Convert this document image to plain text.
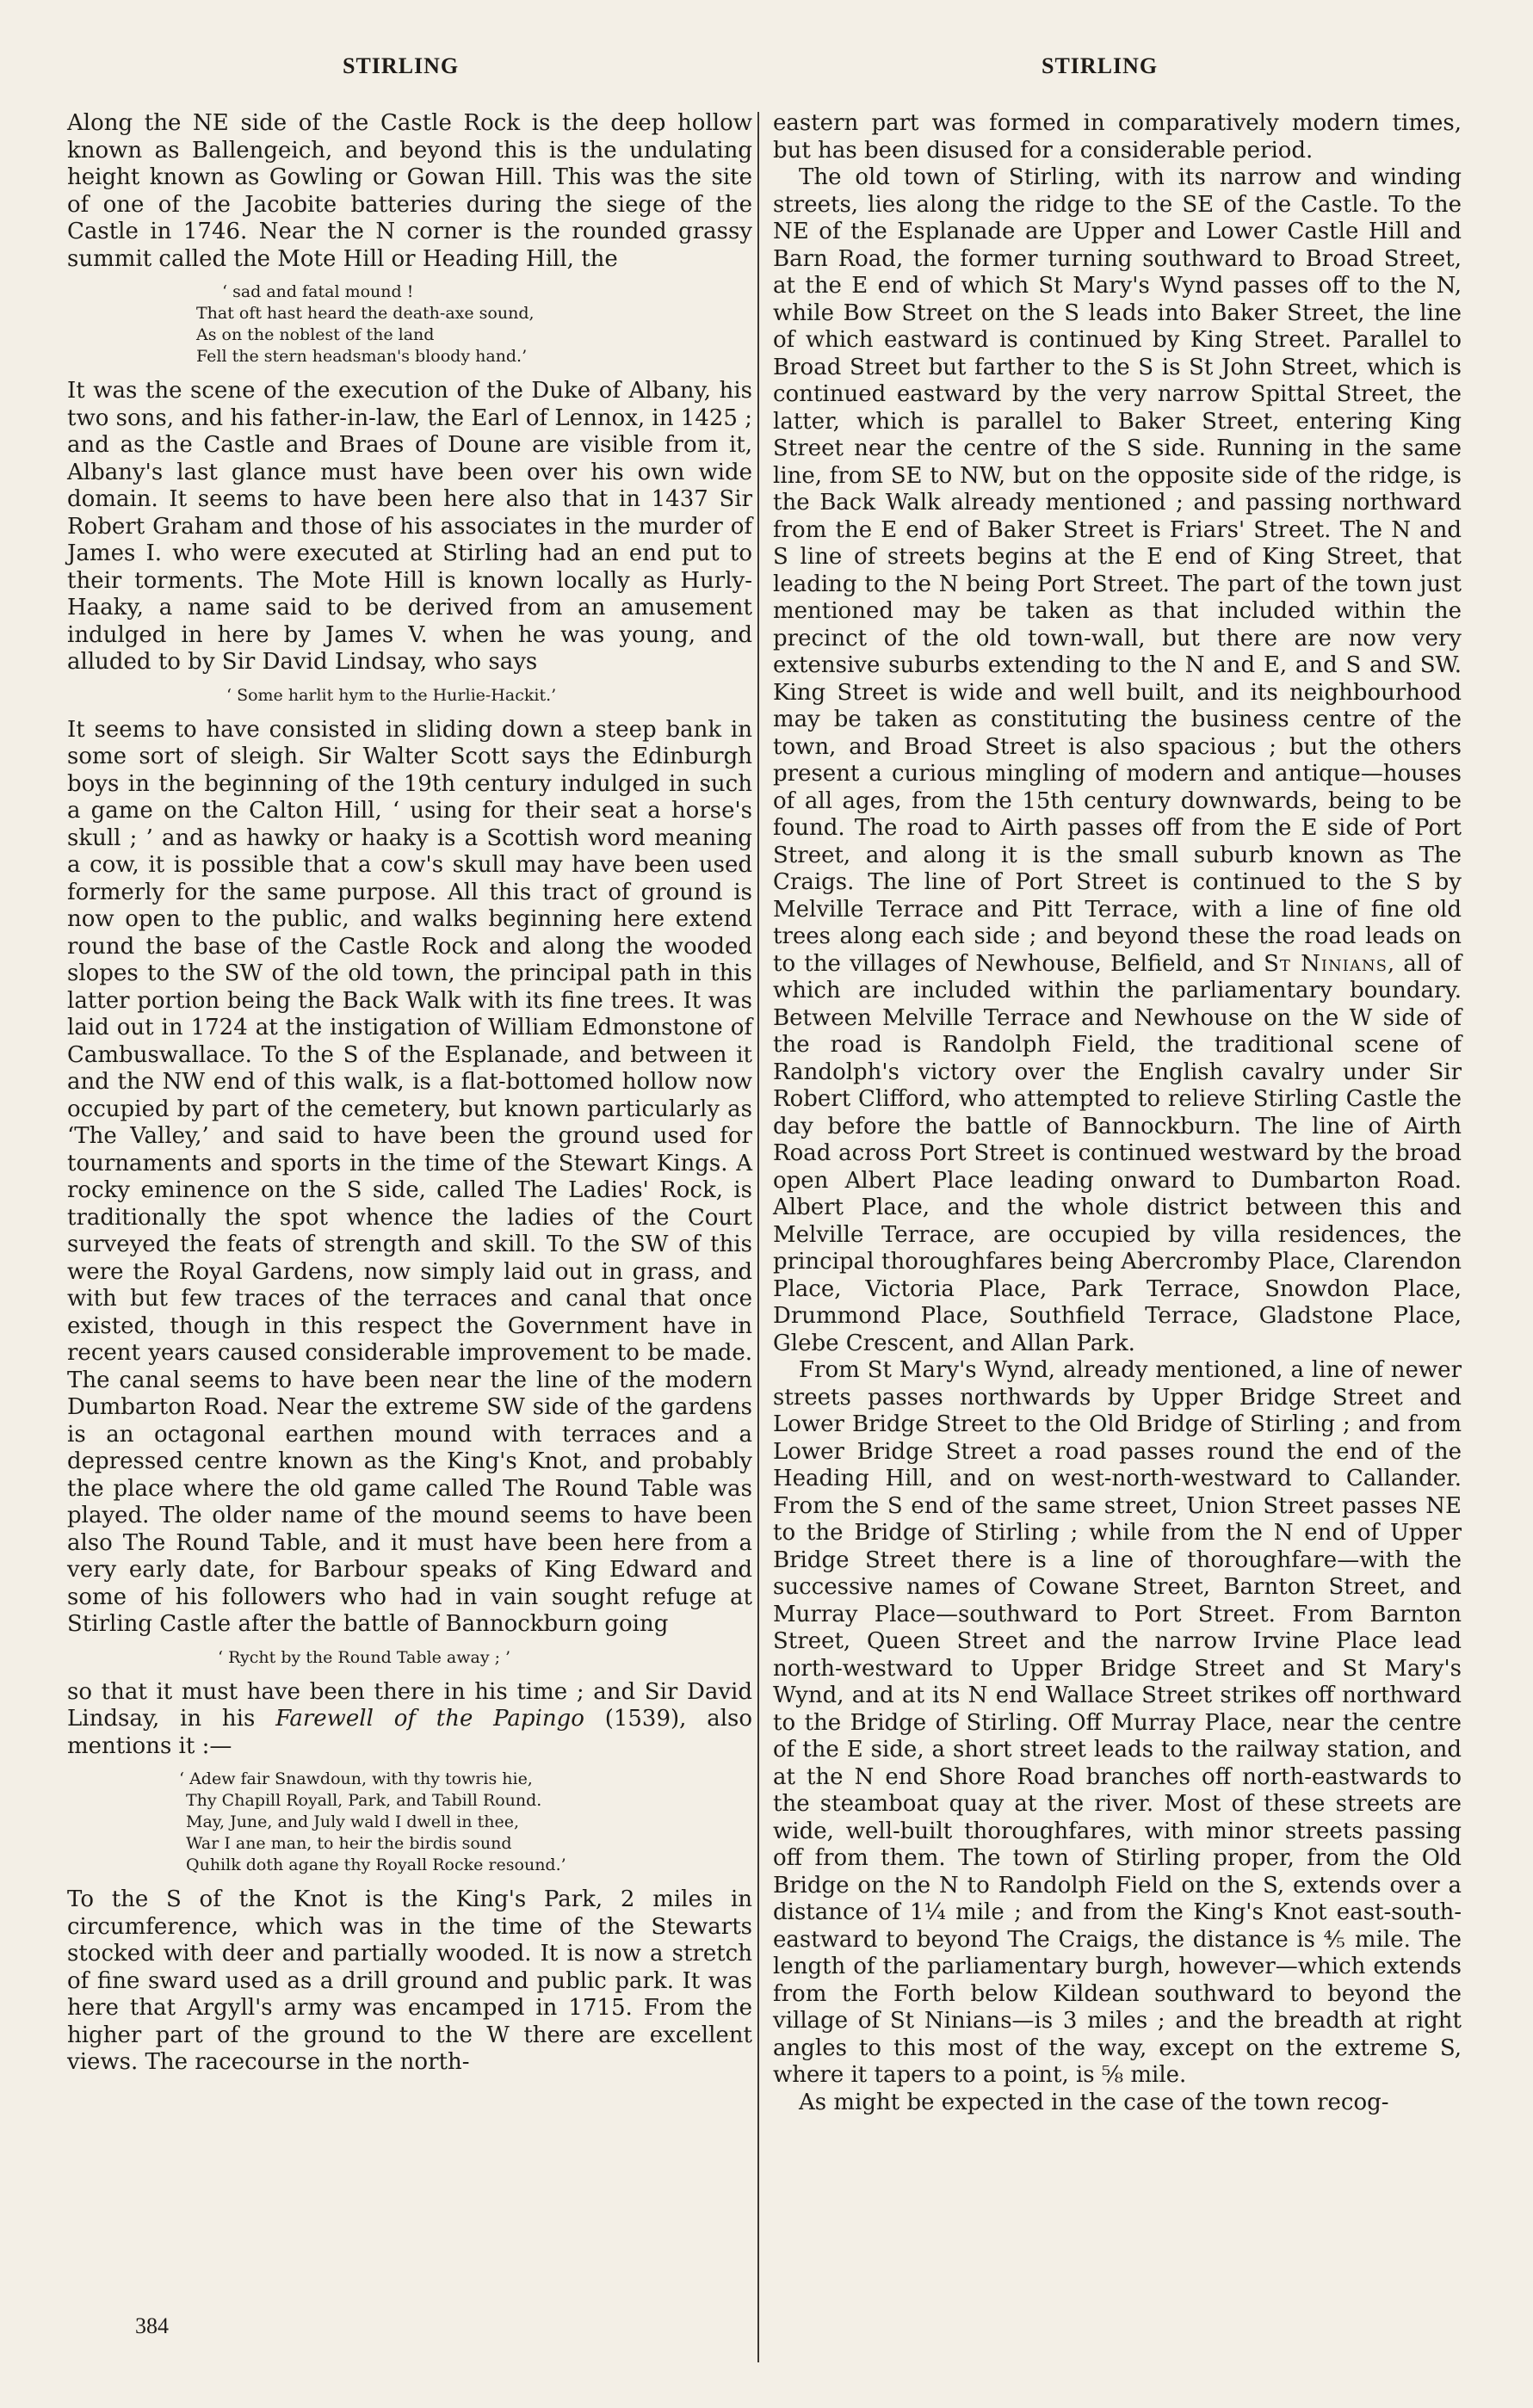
STIRLING	STIRLING

Along the NE side of the Castle Rock is the deep hollow known as Ballengeich, and beyond this is the undulating height known as Gowling or Gowan Hill. This was the site of one of the Jacobite batteries during the siege of the Castle in 1746. Near the N corner is the rounded grassy summit called the Mote Hill or Heading Hill, the

‘ sad and fatal mound !
That oft hast heard the death-axe sound,
As on the noblest of the land
Fell the stern headsman's bloody hand.’

It was the scene of the execution of the Duke of Albany, his two sons, and his father-in-law, the Earl of Lennox, in 1425 ; and as the Castle and Braes of Doune are visible from it, Albany's last glance must have been over his own wide domain. It seems to have been here also that in 1437 Sir Robert Graham and those of his associates in the murder of James I. who were executed at Stirling had an end put to their torments. The Mote Hill is known locally as Hurly-Haaky, a name said to be derived from an amusement indulged in here by James V. when he was young, and alluded to by Sir David Lindsay, who says

‘ Some harlit hym to the Hurlie-Hackit.’

It seems to have consisted in sliding down a steep bank in some sort of sleigh. Sir Walter Scott says the Edinburgh boys in the beginning of the 19th century indulged in such a game on the Calton Hill, ‘ using for their seat a horse's skull ; ’ and as hawky or haaky is a Scottish word meaning a cow, it is possible that a cow's skull may have been used formerly for the same purpose. All this tract of ground is now open to the public, and walks beginning here extend round the base of the Castle Rock and along the wooded slopes to the SW of the old town, the principal path in this latter portion being the Back Walk with its fine trees. It was laid out in 1724 at the instigation of William Edmonstone of Cambuswallace. To the S of the Esplanade, and between it and the NW end of this walk, is a flat-bottomed hollow now occupied by part of the cemetery, but known particularly as ‘The Valley,’ and said to have been the ground used for tournaments and sports in the time of the Stewart Kings. A rocky eminence on the S side, called The Ladies' Rock, is traditionally the spot whence the ladies of the Court surveyed the feats of strength and skill. To the SW of this were the Royal Gardens, now simply laid out in grass, and with but few traces of the terraces and canal that once existed, though in this respect the Government have in recent years caused considerable improvement to be made. The canal seems to have been near the line of the modern Dumbarton Road. Near the extreme SW side of the gardens is an octagonal earthen mound with terraces and a depressed centre known as the King's Knot, and probably the place where the old game called The Round Table was played. The older name of the mound seems to have been also The Round Table, and it must have been here from a very early date, for Barbour speaks of King Edward and some of his followers who had in vain sought refuge at Stirling Castle after the battle of Bannockburn going

‘ Rycht by the Round Table away ; ’

so that it must have been there in his time ; and Sir David Lindsay, in his Farewell of the Papingo (1539), also mentions it :—

‘ Adew fair Snawdoun, with thy towris hie,
Thy Chapill Royall, Park, and Tabill Round.
May, June, and July wald I dwell in thee,
War I ane man, to heir the birdis sound
Quhilk doth agane thy Royall Rocke resound.’

To the S of the Knot is the King's Park, 2 miles in circumference, which was in the time of the Stewarts stocked with deer and partially wooded. It is now a stretch of fine sward used as a drill ground and public park. It was here that Argyll's army was encamped in 1715. From the higher part of the ground to the W there are excellent views. The racecourse in the north-

eastern part was formed in comparatively modern times, but has been disused for a considerable period.

The old town of Stirling, with its narrow and winding streets, lies along the ridge to the SE of the Castle. To the NE of the Esplanade are Upper and Lower Castle Hill and Barn Road, the former turning southward to Broad Street, at the E end of which St Mary's Wynd passes off to the N, while Bow Street on the S leads into Baker Street, the line of which eastward is continued by King Street. Parallel to Broad Street but farther to the S is St John Street, which is continued eastward by the very narrow Spittal Street, the latter, which is parallel to Baker Street, entering King Street near the centre of the S side. Running in the same line, from SE to NW, but on the opposite side of the ridge, is the Back Walk already mentioned ; and passing northward from the E end of Baker Street is Friars' Street. The N and S line of streets begins at the E end of King Street, that leading to the N being Port Street. The part of the town just mentioned may be taken as that included within the precinct of the old town-wall, but there are now very extensive suburbs extending to the N and E, and S and SW. King Street is wide and well built, and its neighbourhood may be taken as constituting the business centre of the town, and Broad Street is also spacious ; but the others present a curious mingling of modern and antique—houses of all ages, from the 15th century downwards, being to be found. The road to Airth passes off from the E side of Port Street, and along it is the small suburb known as The Craigs. The line of Port Street is continued to the S by Melville Terrace and Pitt Terrace, with a line of fine old trees along each side ; and beyond these the road leads on to the villages of Newhouse, Belfield, and St Ninians, all of which are included within the parliamentary boundary. Between Melville Terrace and Newhouse on the W side of the road is Randolph Field, the traditional scene of Randolph's victory over the English cavalry under Sir Robert Clifford, who attempted to relieve Stirling Castle the day before the battle of Bannockburn. The line of Airth Road across Port Street is continued westward by the broad open Albert Place leading onward to Dumbarton Road. Albert Place, and the whole district between this and Melville Terrace, are occupied by villa residences, the principal thoroughfares being Abercromby Place, Clarendon Place, Victoria Place, Park Terrace, Snowdon Place, Drummond Place, Southfield Terrace, Gladstone Place, Glebe Crescent, and Allan Park.

From St Mary's Wynd, already mentioned, a line of newer streets passes northwards by Upper Bridge Street and Lower Bridge Street to the Old Bridge of Stirling ; and from Lower Bridge Street a road passes round the end of the Heading Hill, and on west-north-westward to Callander. From the S end of the same street, Union Street passes NE to the Bridge of Stirling ; while from the N end of Upper Bridge Street there is a line of thoroughfare—with the successive names of Cowane Street, Barnton Street, and Murray Place—southward to Port Street. From Barnton Street, Queen Street and the narrow Irvine Place lead north-westward to Upper Bridge Street and St Mary's Wynd, and at its N end Wallace Street strikes off northward to the Bridge of Stirling. Off Murray Place, near the centre of the E side, a short street leads to the railway station, and at the N end Shore Road branches off north-eastwards to the steamboat quay at the river. Most of these streets are wide, well-built thoroughfares, with minor streets passing off from them. The town of Stirling proper, from the Old Bridge on the N to Randolph Field on the S, extends over a distance of 1¼ mile ; and from the King's Knot east-south-eastward to beyond The Craigs, the distance is ⅘ mile. The length of the parliamentary burgh, however—which extends from the Forth below Kildean southward to beyond the village of St Ninians—is 3 miles ; and the breadth at right angles to this most of the way, except on the extreme S, where it tapers to a point, is ⅝ mile.

As might be expected in the case of the town recog-

384
